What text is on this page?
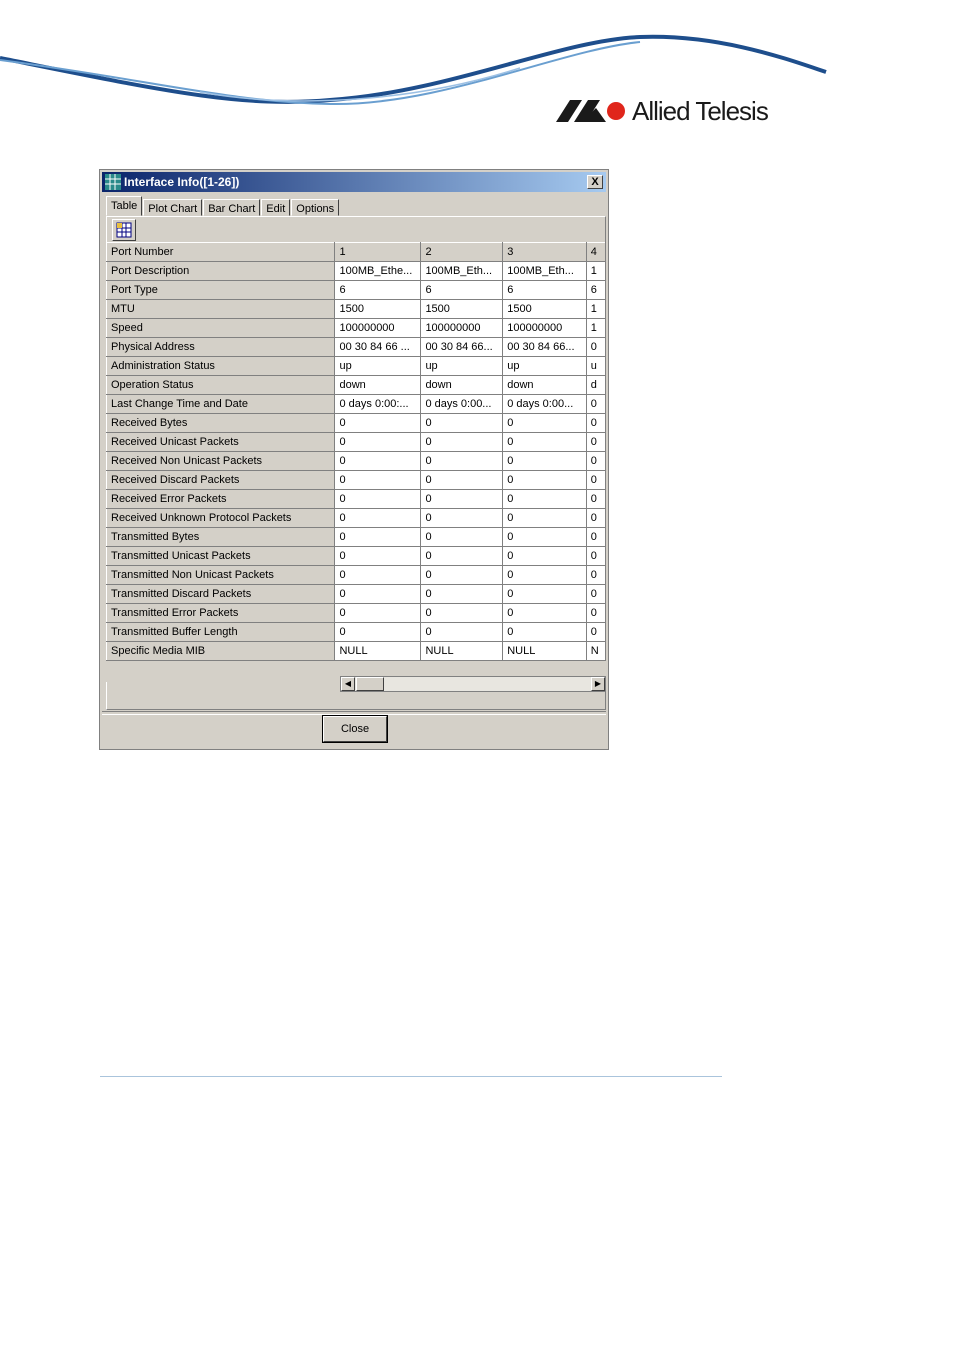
Allied Telesis
Interface Info([1-26])	X
Table	Plot Chart	Bar Chart	Edit	Options
Port Number	1	2	3	4
Port Description	100MB_Ethe...	100MB_Eth...	100MB_Eth...	1
Port Type	6	6	6	6
MTU	1500	1500	1500	1
Speed	100000000	100000000	100000000	1
Physical Address	00 30 84 66 ...	00 30 84 66...	00 30 84 66...	0
Administration Status	up	up	up	u
Operation Status	down	down	down	d
Last Change Time and Date	0 days 0:00:...	0 days 0:00...	0 days 0:00...	0
Received Bytes	0	0	0	0
Received Unicast Packets	0	0	0	0
Received Non Unicast Packets	0	0	0	0
Received Discard Packets	0	0	0	0
Received Error Packets	0	0	0	0
Received Unknown Protocol Packets	0	0	0	0
Transmitted Bytes	0	0	0	0
Transmitted Unicast Packets	0	0	0	0
Transmitted Non Unicast Packets	0	0	0	0
Transmitted Discard Packets	0	0	0	0
Transmitted Error Packets	0	0	0	0
Transmitted Buffer Length	0	0	0	0
Specific Media MIB	NULL	NULL	NULL	N
◀	▶
Close
